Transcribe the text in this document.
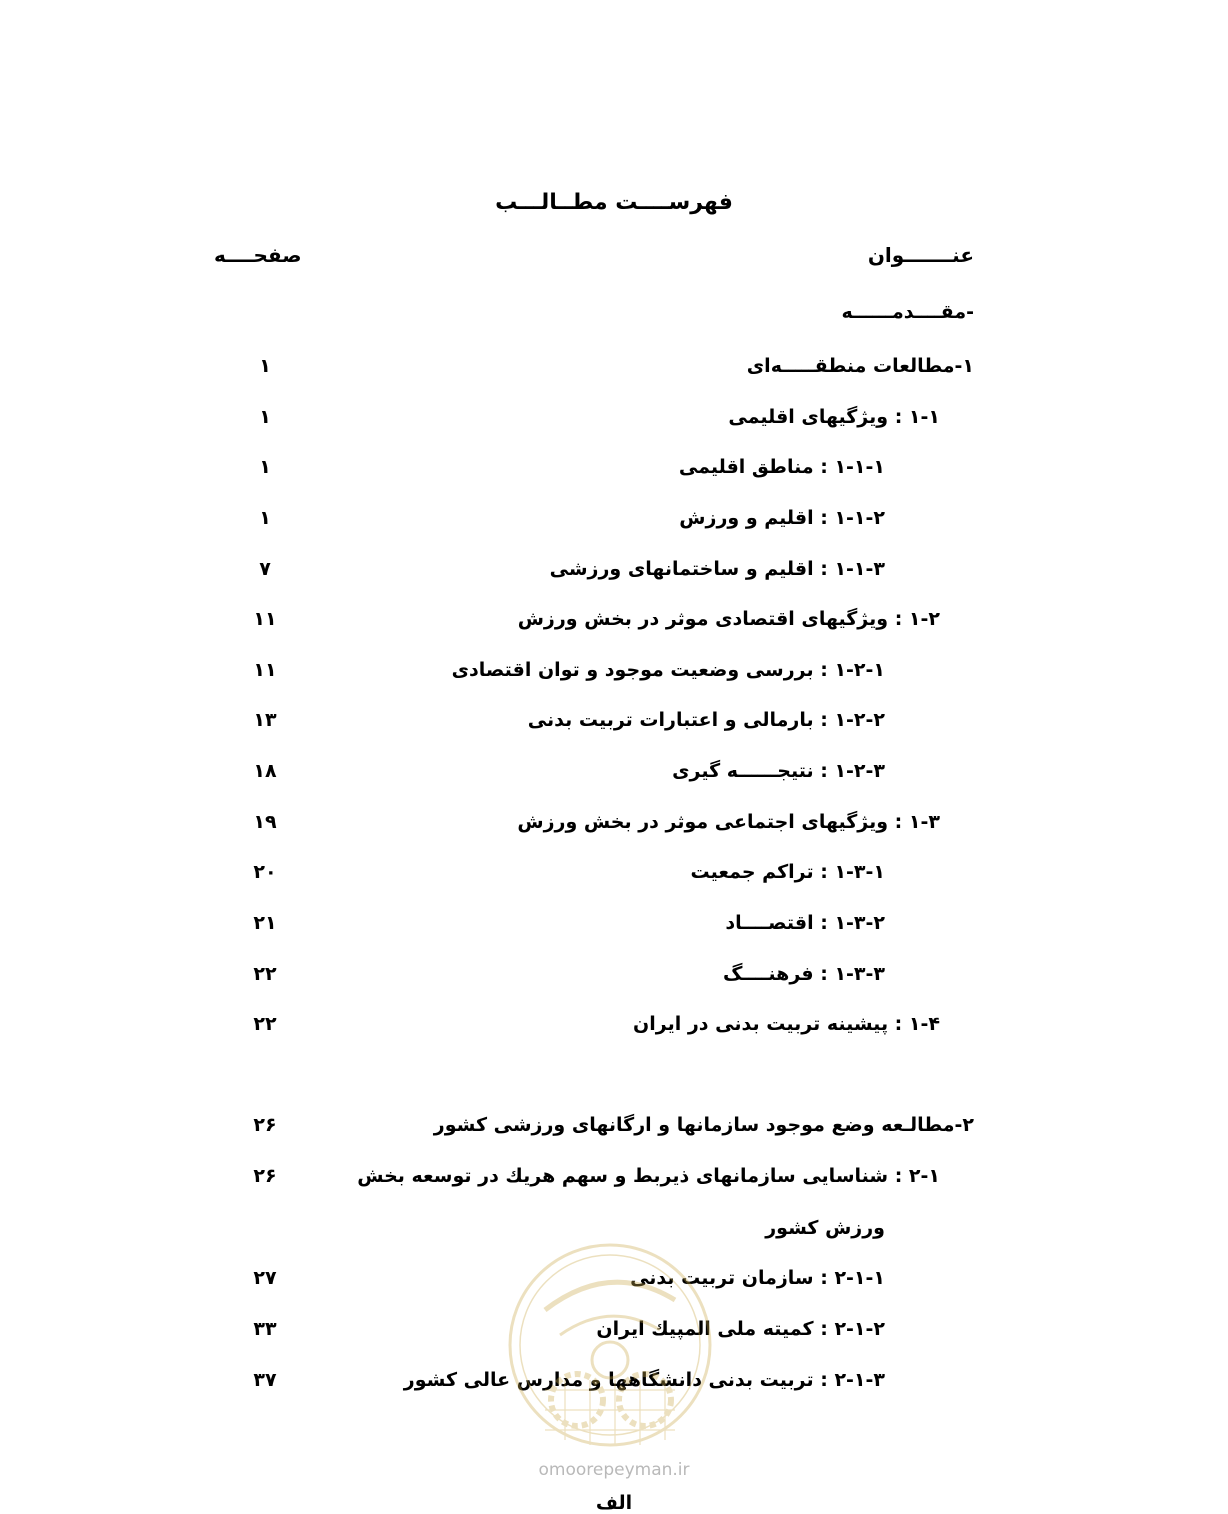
فهرســــت مطــالـــب
عنـــــــوان
صفحــــه
-مقــــدمــــــه
۱-مطالعات منطقـــــه‌ای
۱
۱-۱ : ویژگیهای اقلیمی
۱
۱-۱-۱ : مناطق اقلیمی
۱
۱-۱-۲ : اقلیم و ورزش
۱
۱-۱-۳ : اقلیم و ساختمانهای ورزشی
۷
۱-۲ : ویژگیهای اقتصادی موثر در بخش ورزش
۱۱
۱-۲-۱ : بررسی وضعیت موجود و توان اقتصادی
۱۱
۱-۲-۲ : بارمالی و اعتبارات تربیت بدنی
۱۳
۱-۲-۳ : نتیجــــــه گیری
۱۸
۱-۳ : ویژگیهای اجتماعی موثر در بخش ورزش
۱۹
۱-۳-۱ : تراکم جمعیت
۲۰
۱-۳-۲ : اقتصــــاد
۲۱
۱-۳-۳ : فرهنــــگ
۲۲
۱-۴ : پیشینه تربیت بدنی در ایران
۲۲
۲-مطالـعه وضع موجود سازمانها و ارگانهای ورزشی کشور
۲۶
۲-۱ : شناسایی سازمانهای ذیربط و سهم هریك در توسعه بخش
۲۶
ورزش کشور
۲-۱-۱ : سازمان تربیت بدنی
۲۷
۲-۱-۲ : کمیته ملی المپیك ایران
۳۳
۲-۱-۳ : تربیت بدنی دانشگاهها و مدارس عالی کشور
۳۷
omoorepeyman.ir
الف
